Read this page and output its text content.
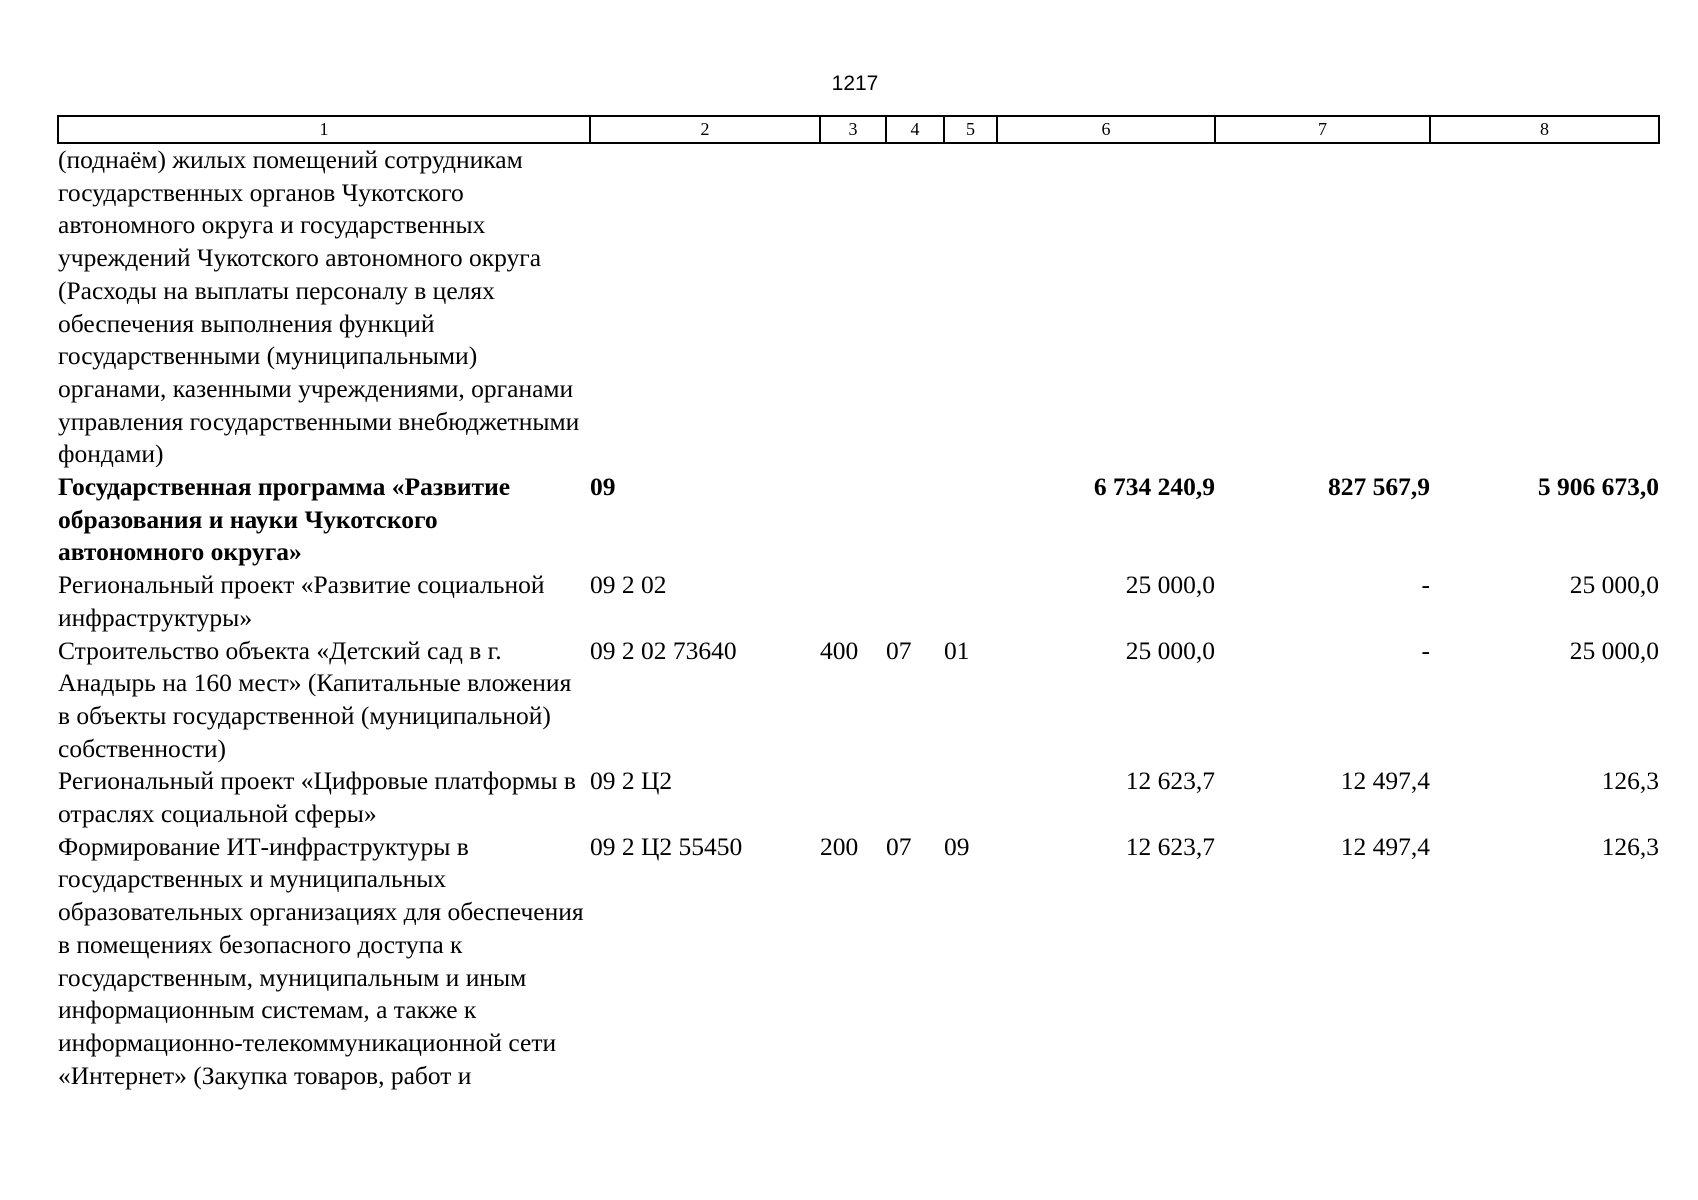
1217
1	2	3	4	5	6	7	8
(поднаём) жилых помещений сотрудникам государственных органов Чукотского автономного округа и государственных учреждений Чукотского автономного округа (Расходы на выплаты персоналу в целях обеспечения выполнения функций государственными (муниципальными) органами, казенными учреждениями, органами управления государственными внебюджетными фондами)							
Государственная программа «Развитие образования и науки Чукотского автономного округа»	09				6 734 240,9	827 567,9	5 906 673,0
Региональный проект «Развитие социальной инфраструктуры»	09 2 02				25 000,0	-	25 000,0
Строительство объекта «Детский сад в г. Анадырь на 160 мест» (Капитальные вложения в объекты государственной (муниципальной) собственности)	09 2 02 73640	400	07	01	25 000,0	-	25 000,0
Региональный проект «Цифровые платформы в отраслях социальной сферы»	09 2 Ц2				12 623,7	12 497,4	126,3
Формирование ИТ-инфраструктуры в государственных и муниципальных образовательных организациях для обеспечения в помещениях безопасного доступа к государственным, муниципальным и иным информационным системам, а также к информационно-телекоммуникационной сети «Интернет» (Закупка товаров, работ и	09 2 Ц2 55450	200	07	09	12 623,7	12 497,4	126,3
